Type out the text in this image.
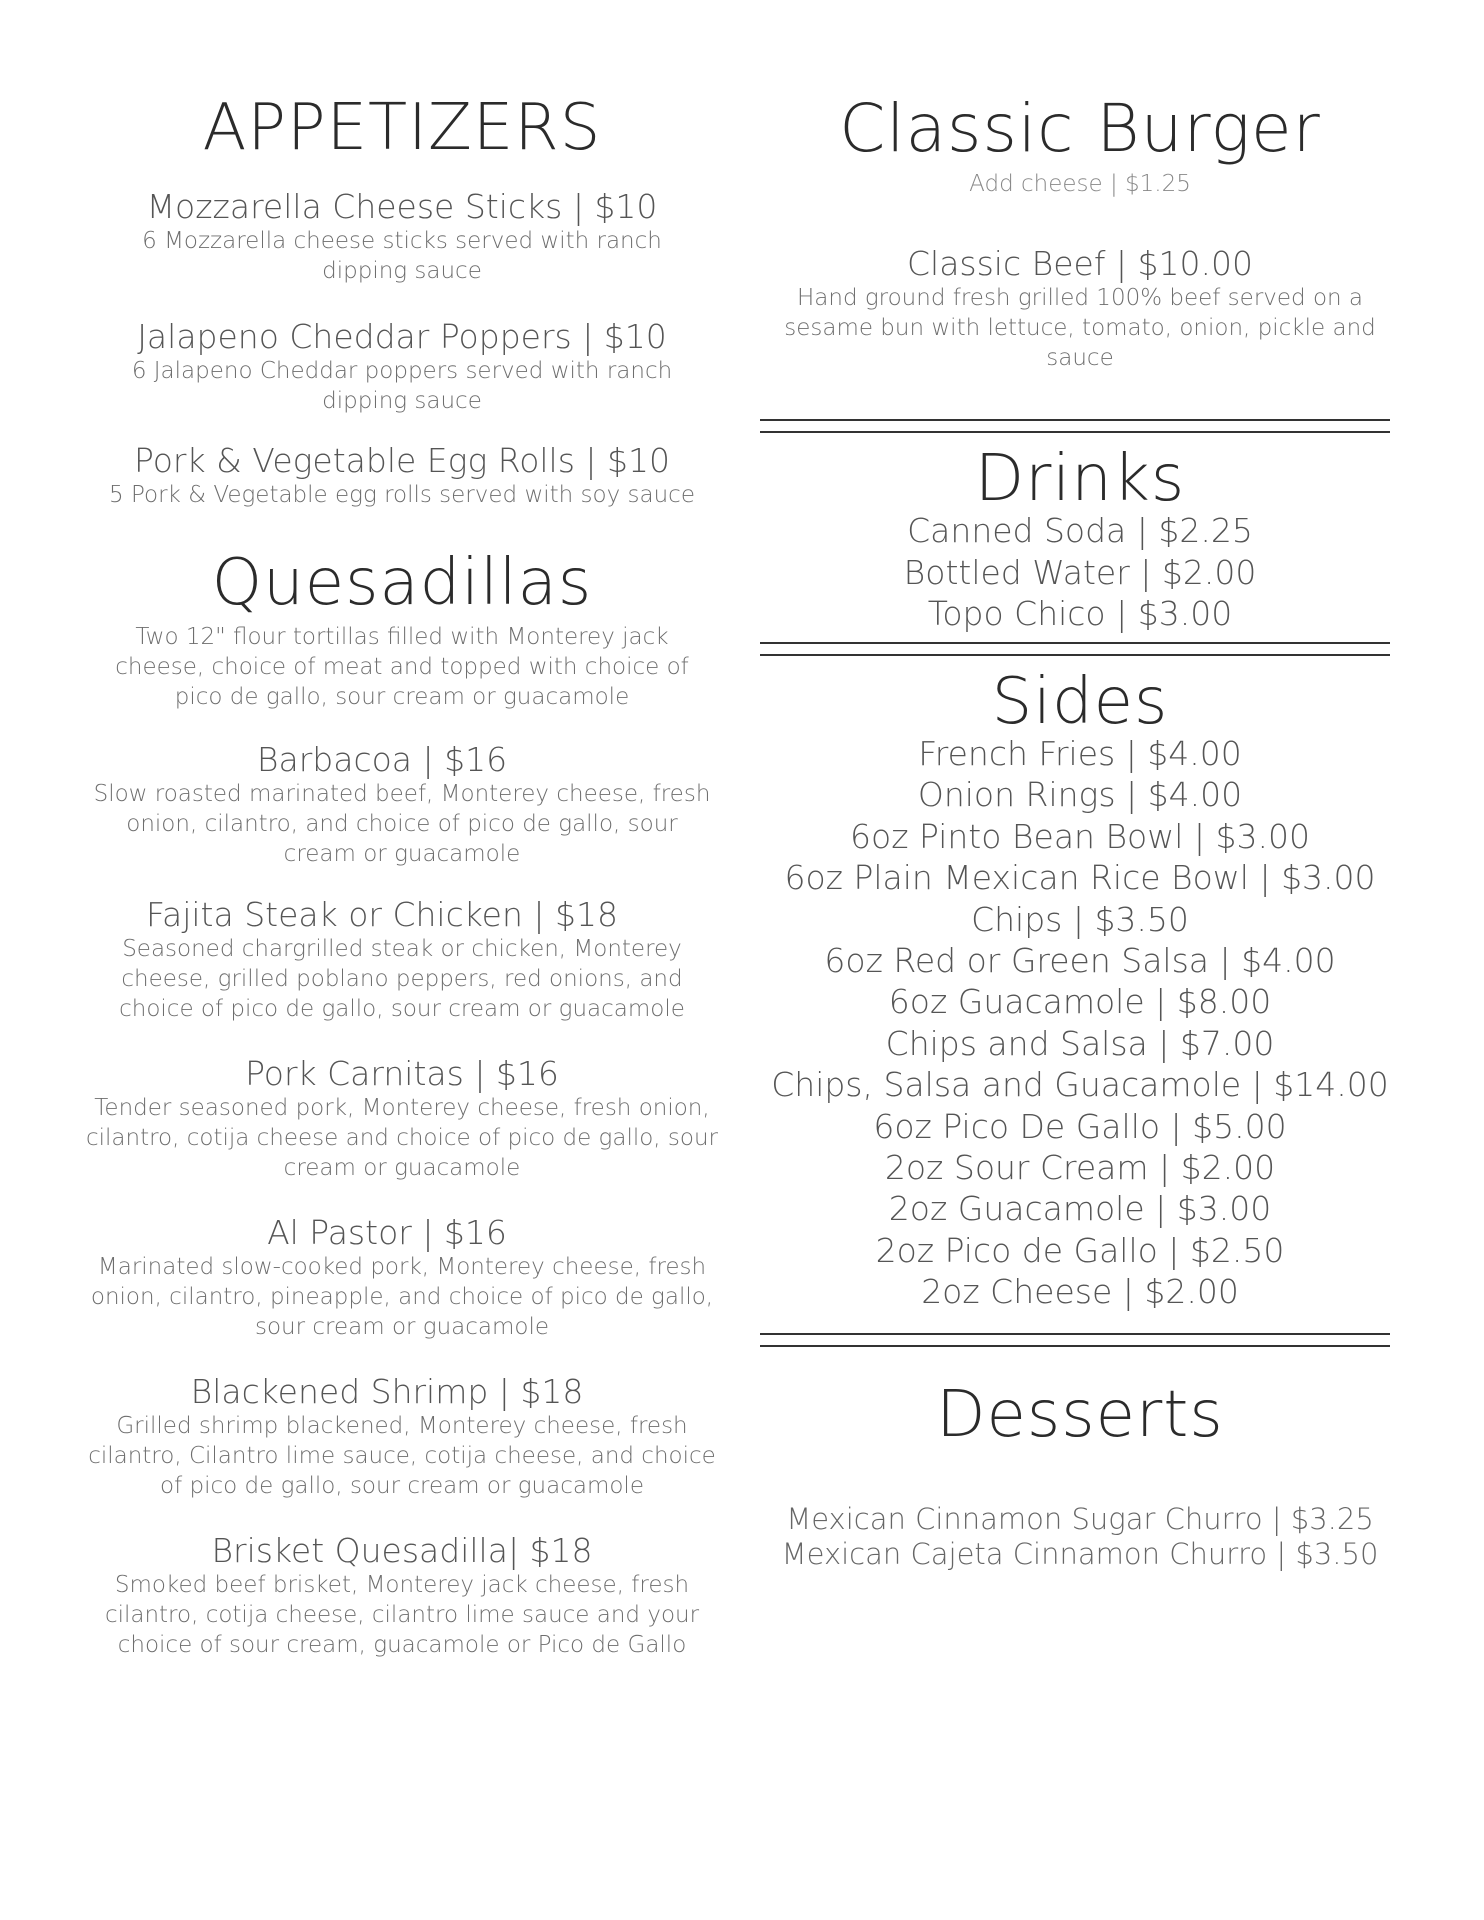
APPETIZERS

Mozzarella Cheese Sticks | $10

6 Mozzarella cheese sticks served with ranch dipping sauce

Jalapeno Cheddar Poppers | $10

6 Jalapeno Cheddar poppers served with ranch dipping sauce

Pork & Vegetable Egg Rolls | $10

5 Pork & Vegetable egg rolls served with soy sauce

Quesadillas

Two 12" flour tortillas filled with Monterey jack cheese, choice of meat and topped with choice of pico de gallo, sour cream or guacamole

Barbacoa | $16

Slow roasted marinated beef, Monterey cheese, fresh onion, cilantro, and choice of pico de gallo, sour cream or guacamole

Fajita Steak or Chicken | $18

Seasoned chargrilled steak or chicken, Monterey cheese, grilled poblano peppers, red onions, and choice of pico de gallo, sour cream or guacamole

Pork Carnitas | $16

Tender seasoned pork, Monterey cheese, fresh onion, cilantro, cotija cheese and choice of pico de gallo, sour cream or guacamole

Al Pastor | $16

Marinated slow-cooked pork, Monterey cheese, fresh onion, cilantro, pineapple, and choice of pico de gallo, sour cream or guacamole

Blackened Shrimp | $18

Grilled shrimp blackened, Monterey cheese, fresh cilantro, Cilantro lime sauce, cotija cheese, and choice of pico de gallo, sour cream or guacamole

Brisket Quesadilla| $18

Smoked beef brisket, Monterey jack cheese, fresh cilantro, cotija cheese, cilantro lime sauce and your choice of sour cream, guacamole or Pico de Gallo

Classic Burger

Add cheese | $1.25

Classic Beef | $10.00

Hand ground fresh grilled 100% beef served on a sesame bun with lettuce, tomato, onion, pickle and sauce

Drinks
Canned Soda | $2.25
Bottled Water | $2.00
Topo Chico | $3.00
Sides
French Fries | $4.00
Onion Rings | $4.00
6oz Pinto Bean Bowl | $3.00
6oz Plain Mexican Rice Bowl | $3.00
Chips | $3.50
6oz Red or Green Salsa | $4.00
6oz Guacamole | $8.00
Chips and Salsa | $7.00
Chips, Salsa and Guacamole | $14.00
6oz Pico De Gallo | $5.00
2oz Sour Cream | $2.00
2oz Guacamole | $3.00
2oz Pico de Gallo | $2.50
2oz Cheese | $2.00
Desserts
Mexican Cinnamon Sugar Churro | $3.25
Mexican Cajeta Cinnamon Churro | $3.50
